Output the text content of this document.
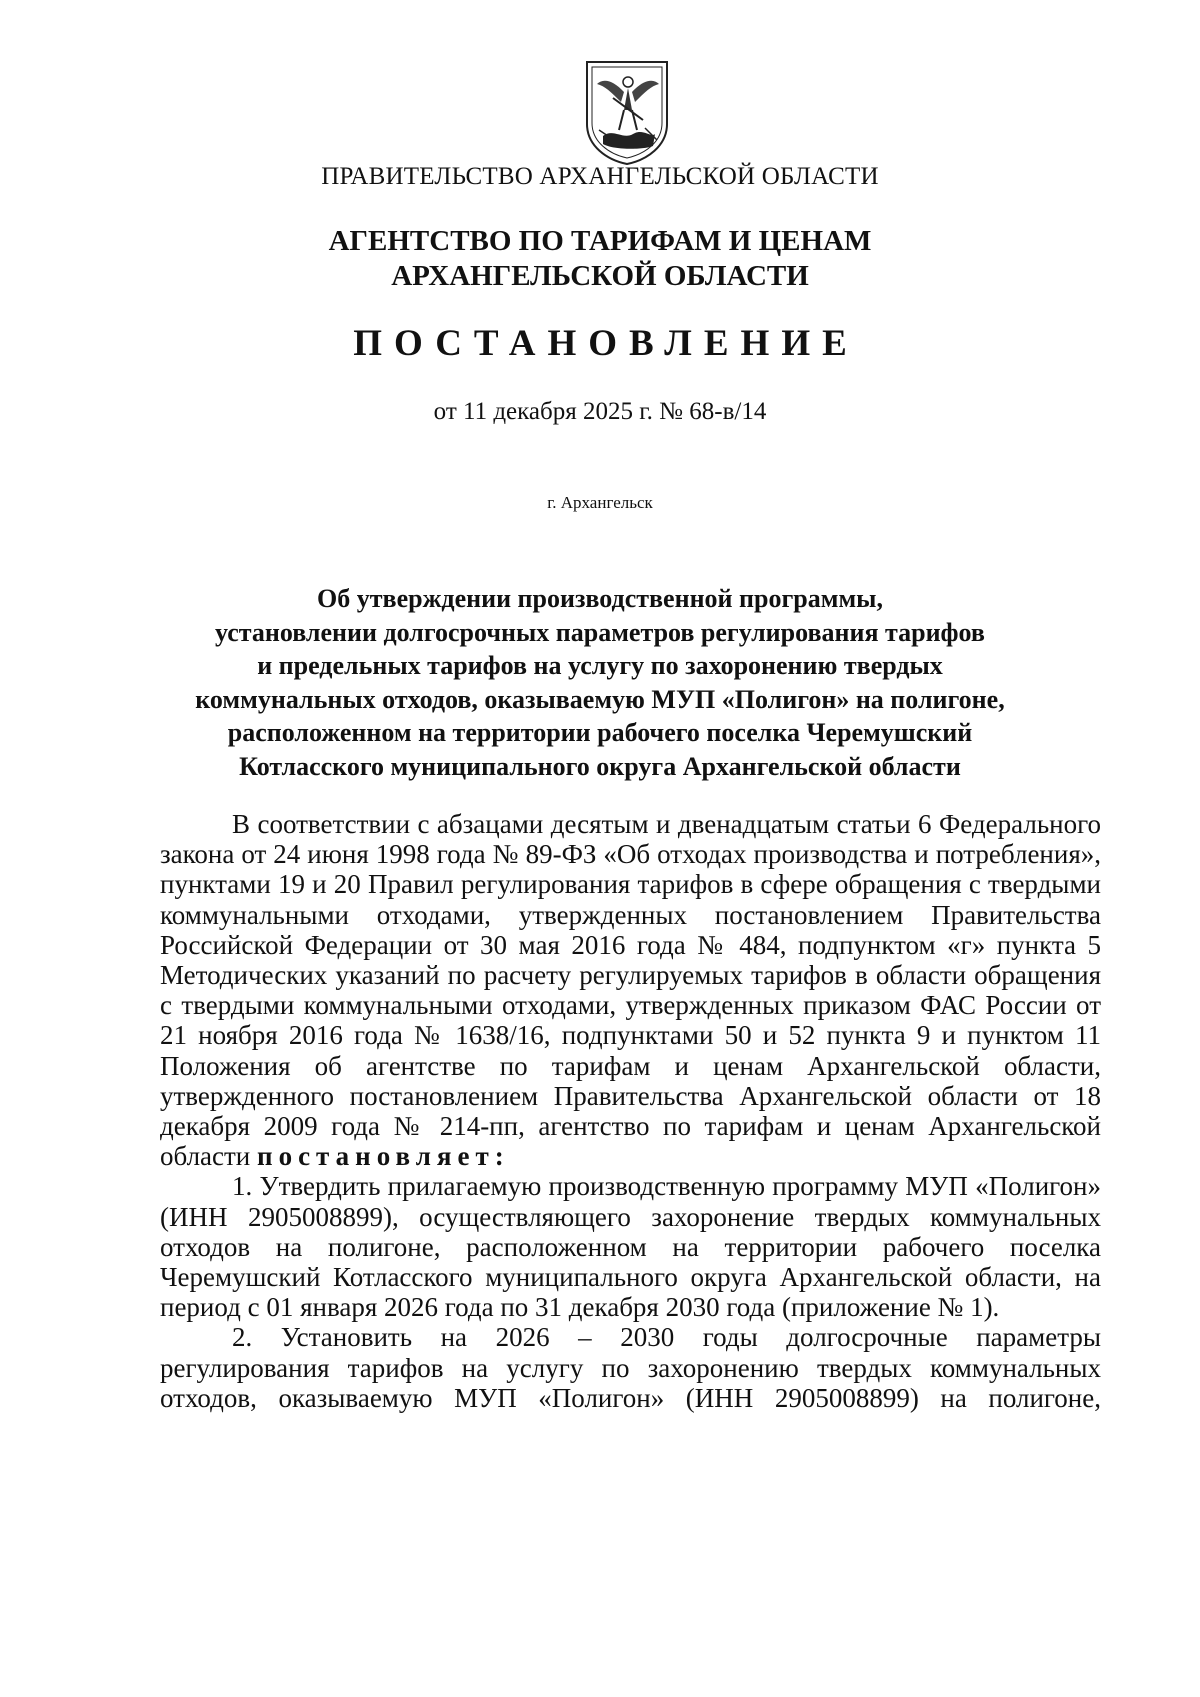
ПРАВИТЕЛЬСТВО АРХАНГЕЛЬСКОЙ ОБЛАСТИ
АГЕНТСТВО ПО ТАРИФАМ И ЦЕНАМ
АРХАНГЕЛЬСКОЙ ОБЛАСТИ
ПОСТАНОВЛЕНИЕ
от 11 декабря 2025 г. № 68-в/14
г. Архангельск
Об утверждении производственной программы,
установлении долгосрочных параметров регулирования тарифов
и предельных тарифов на услугу по захоронению твердых
коммунальных отходов, оказываемую МУП «Полигон» на полигоне,
расположенном на территории рабочего поселка Черемушский
Котласского муниципального округа Архангельской области

В соответствии с абзацами десятым и двенадцатым статьи 6 Федерального закона от 24 июня 1998 года № 89-ФЗ «Об отходах производства и потребления», пунктами 19 и 20 Правил регулирования тарифов в сфере обращения с твердыми коммунальными отходами, утвержденных постановлением Правительства Российской Федерации от 30 мая 2016 года № 484, подпунктом «г» пункта 5 Методических указаний по расчету регулируемых тарифов в области обращения с твердыми коммунальными отходами, утвержденных приказом ФАС России от 21 ноября 2016 года № 1638/16, подпунктами 50 и 52 пункта 9 и пунктом 11 Положения об агентстве по тарифам и ценам Архангельской области, утвержденного постановлением Правительства Архангельской области от 18 декабря 2009 года № 214-пп, агентство по тарифам и ценам Архангельской области постановляет:

1. Утвердить прилагаемую производственную программу МУП «Полигон» (ИНН 2905008899), осуществляющего захоронение твердых коммунальных отходов на полигоне, расположенном на территории рабочего поселка Черемушский Котласского муниципального округа Архангельской области, на период с 01 января 2026 года по 31 декабря 2030 года (приложение № 1).

2. Установить на 2026 – 2030 годы долгосрочные параметры регулирования тарифов на услугу по захоронению твердых коммунальных отходов, оказываемую МУП «Полигон» (ИНН 2905008899) на полигоне,
